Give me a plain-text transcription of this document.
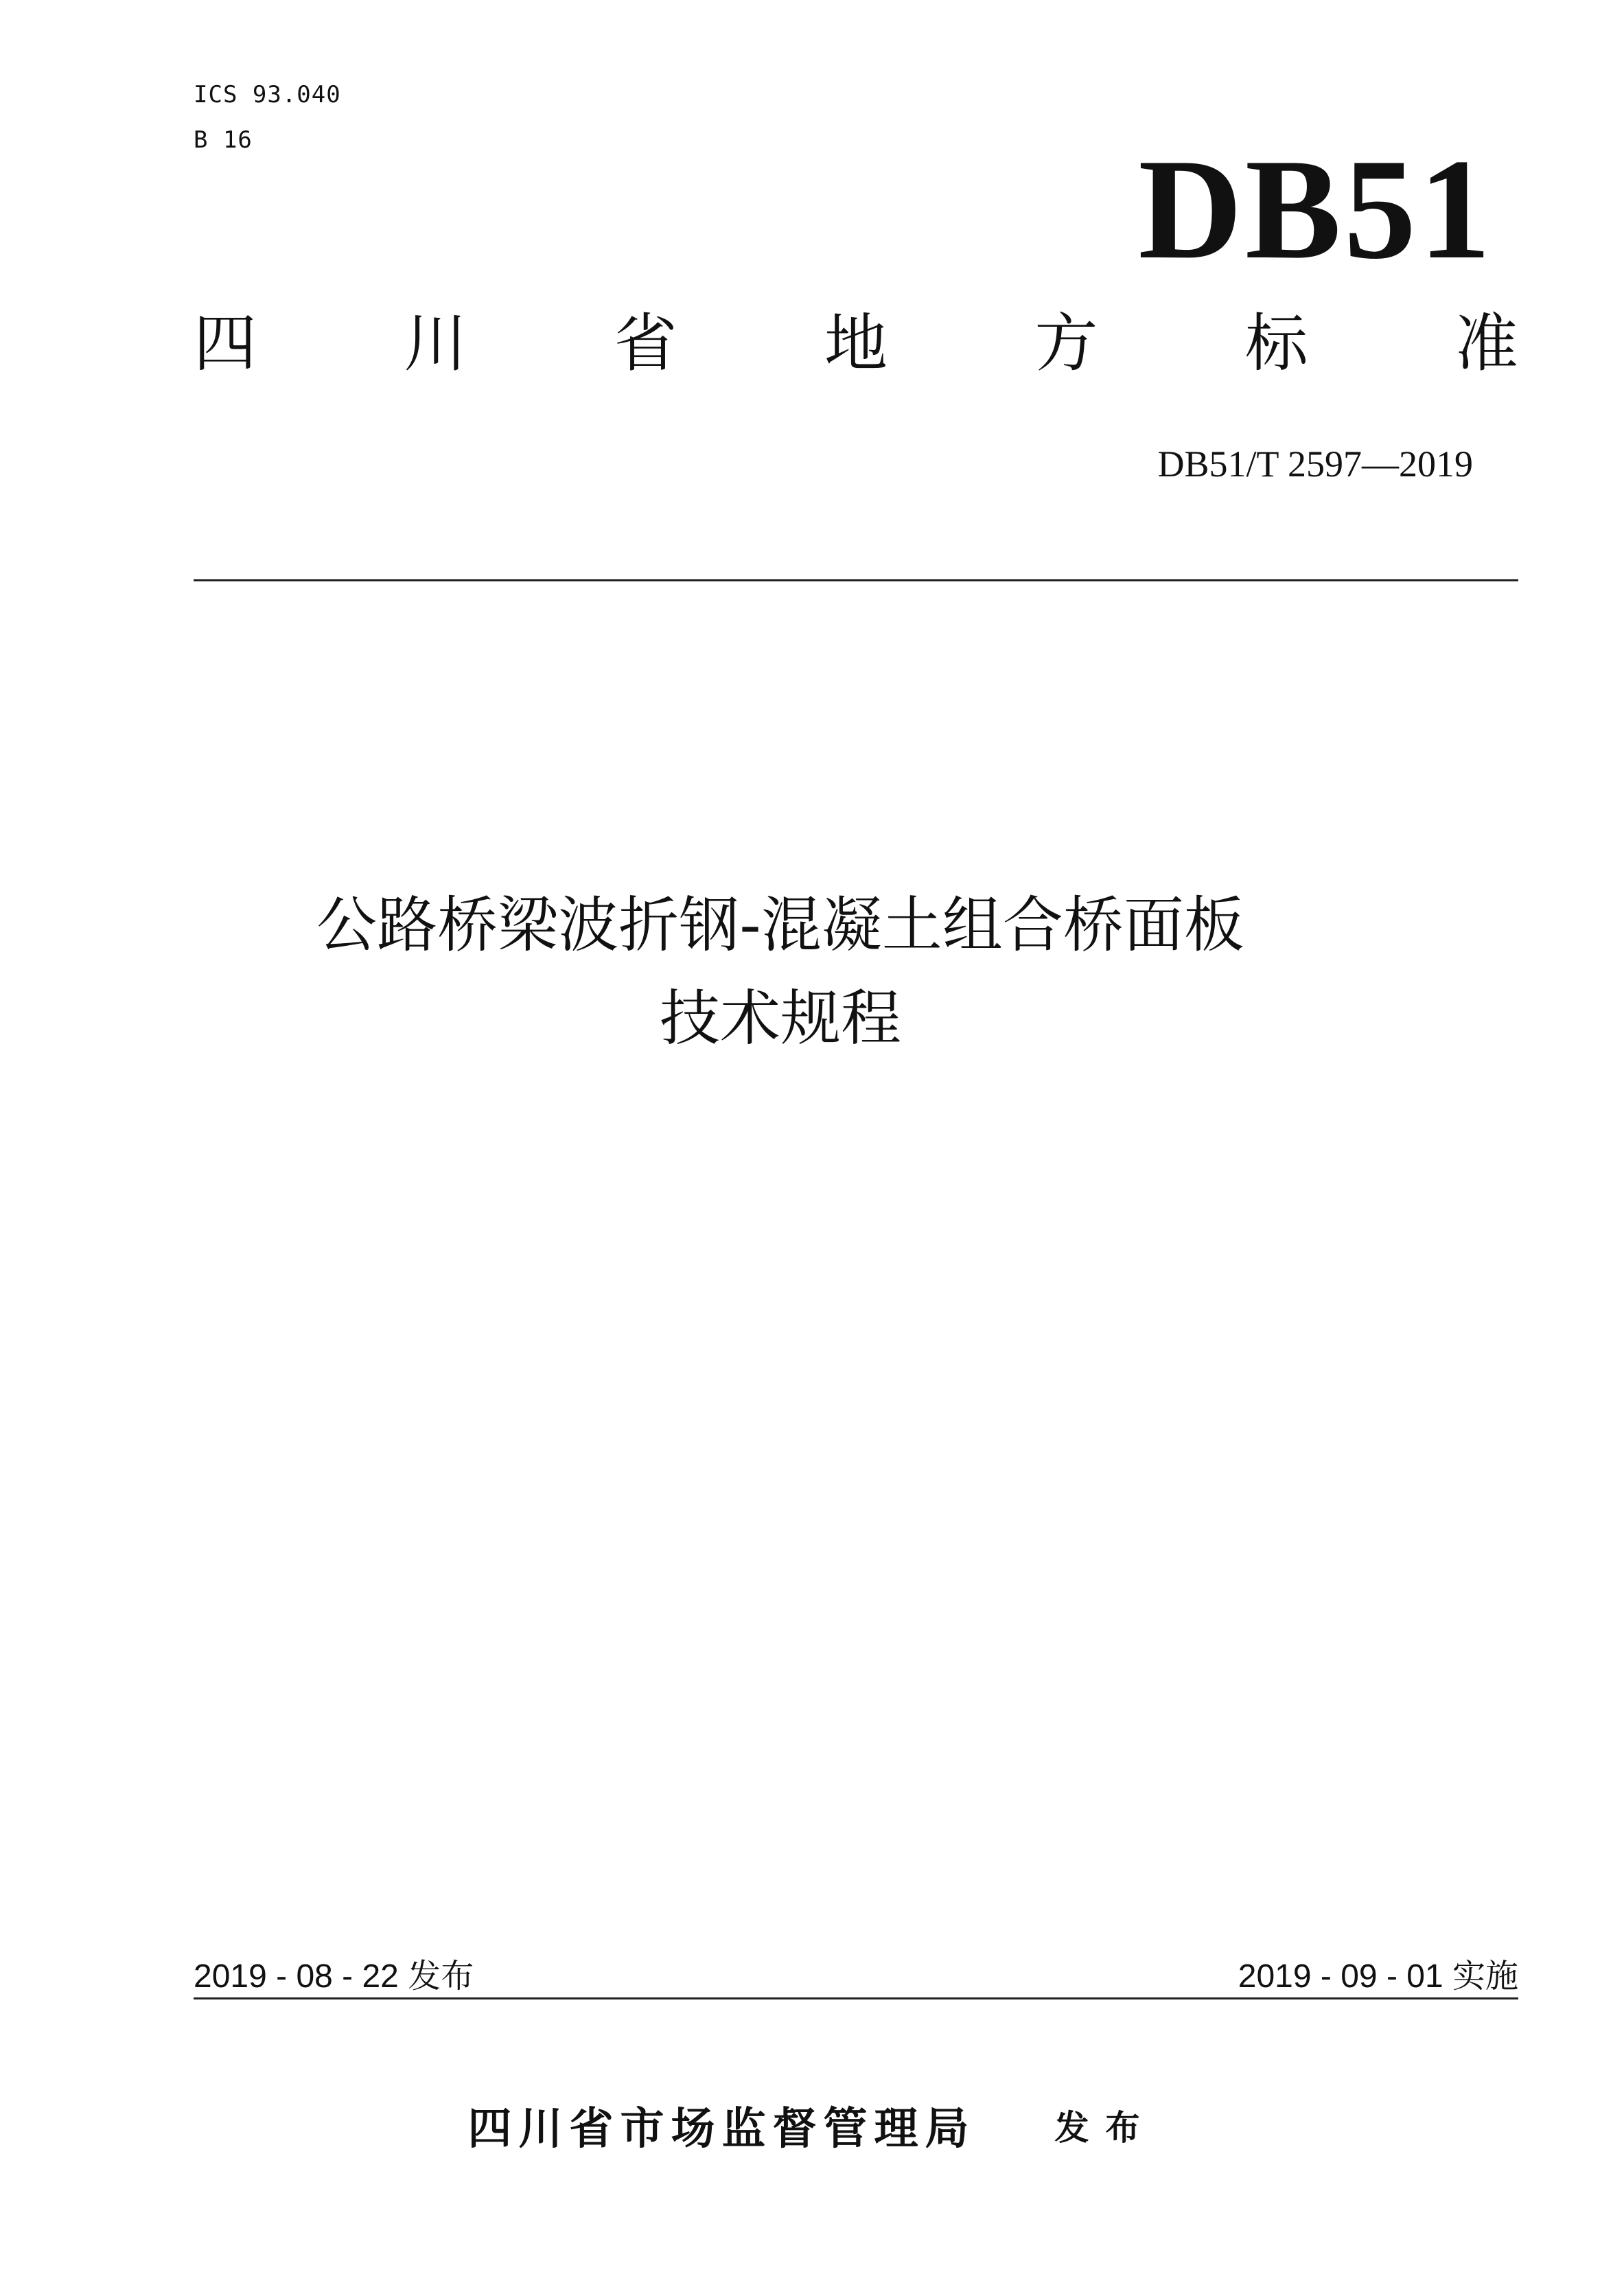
ICS 93.040
B 16	DB51
四 川 省 地 方 标 准
DB51/T 2597—2019
公路桥梁波折钢-混凝土组合桥面板
技术规程
2019 - 08 - 22 发布	2019 - 09 - 01 实施
四川省市场监督管理局 发布
